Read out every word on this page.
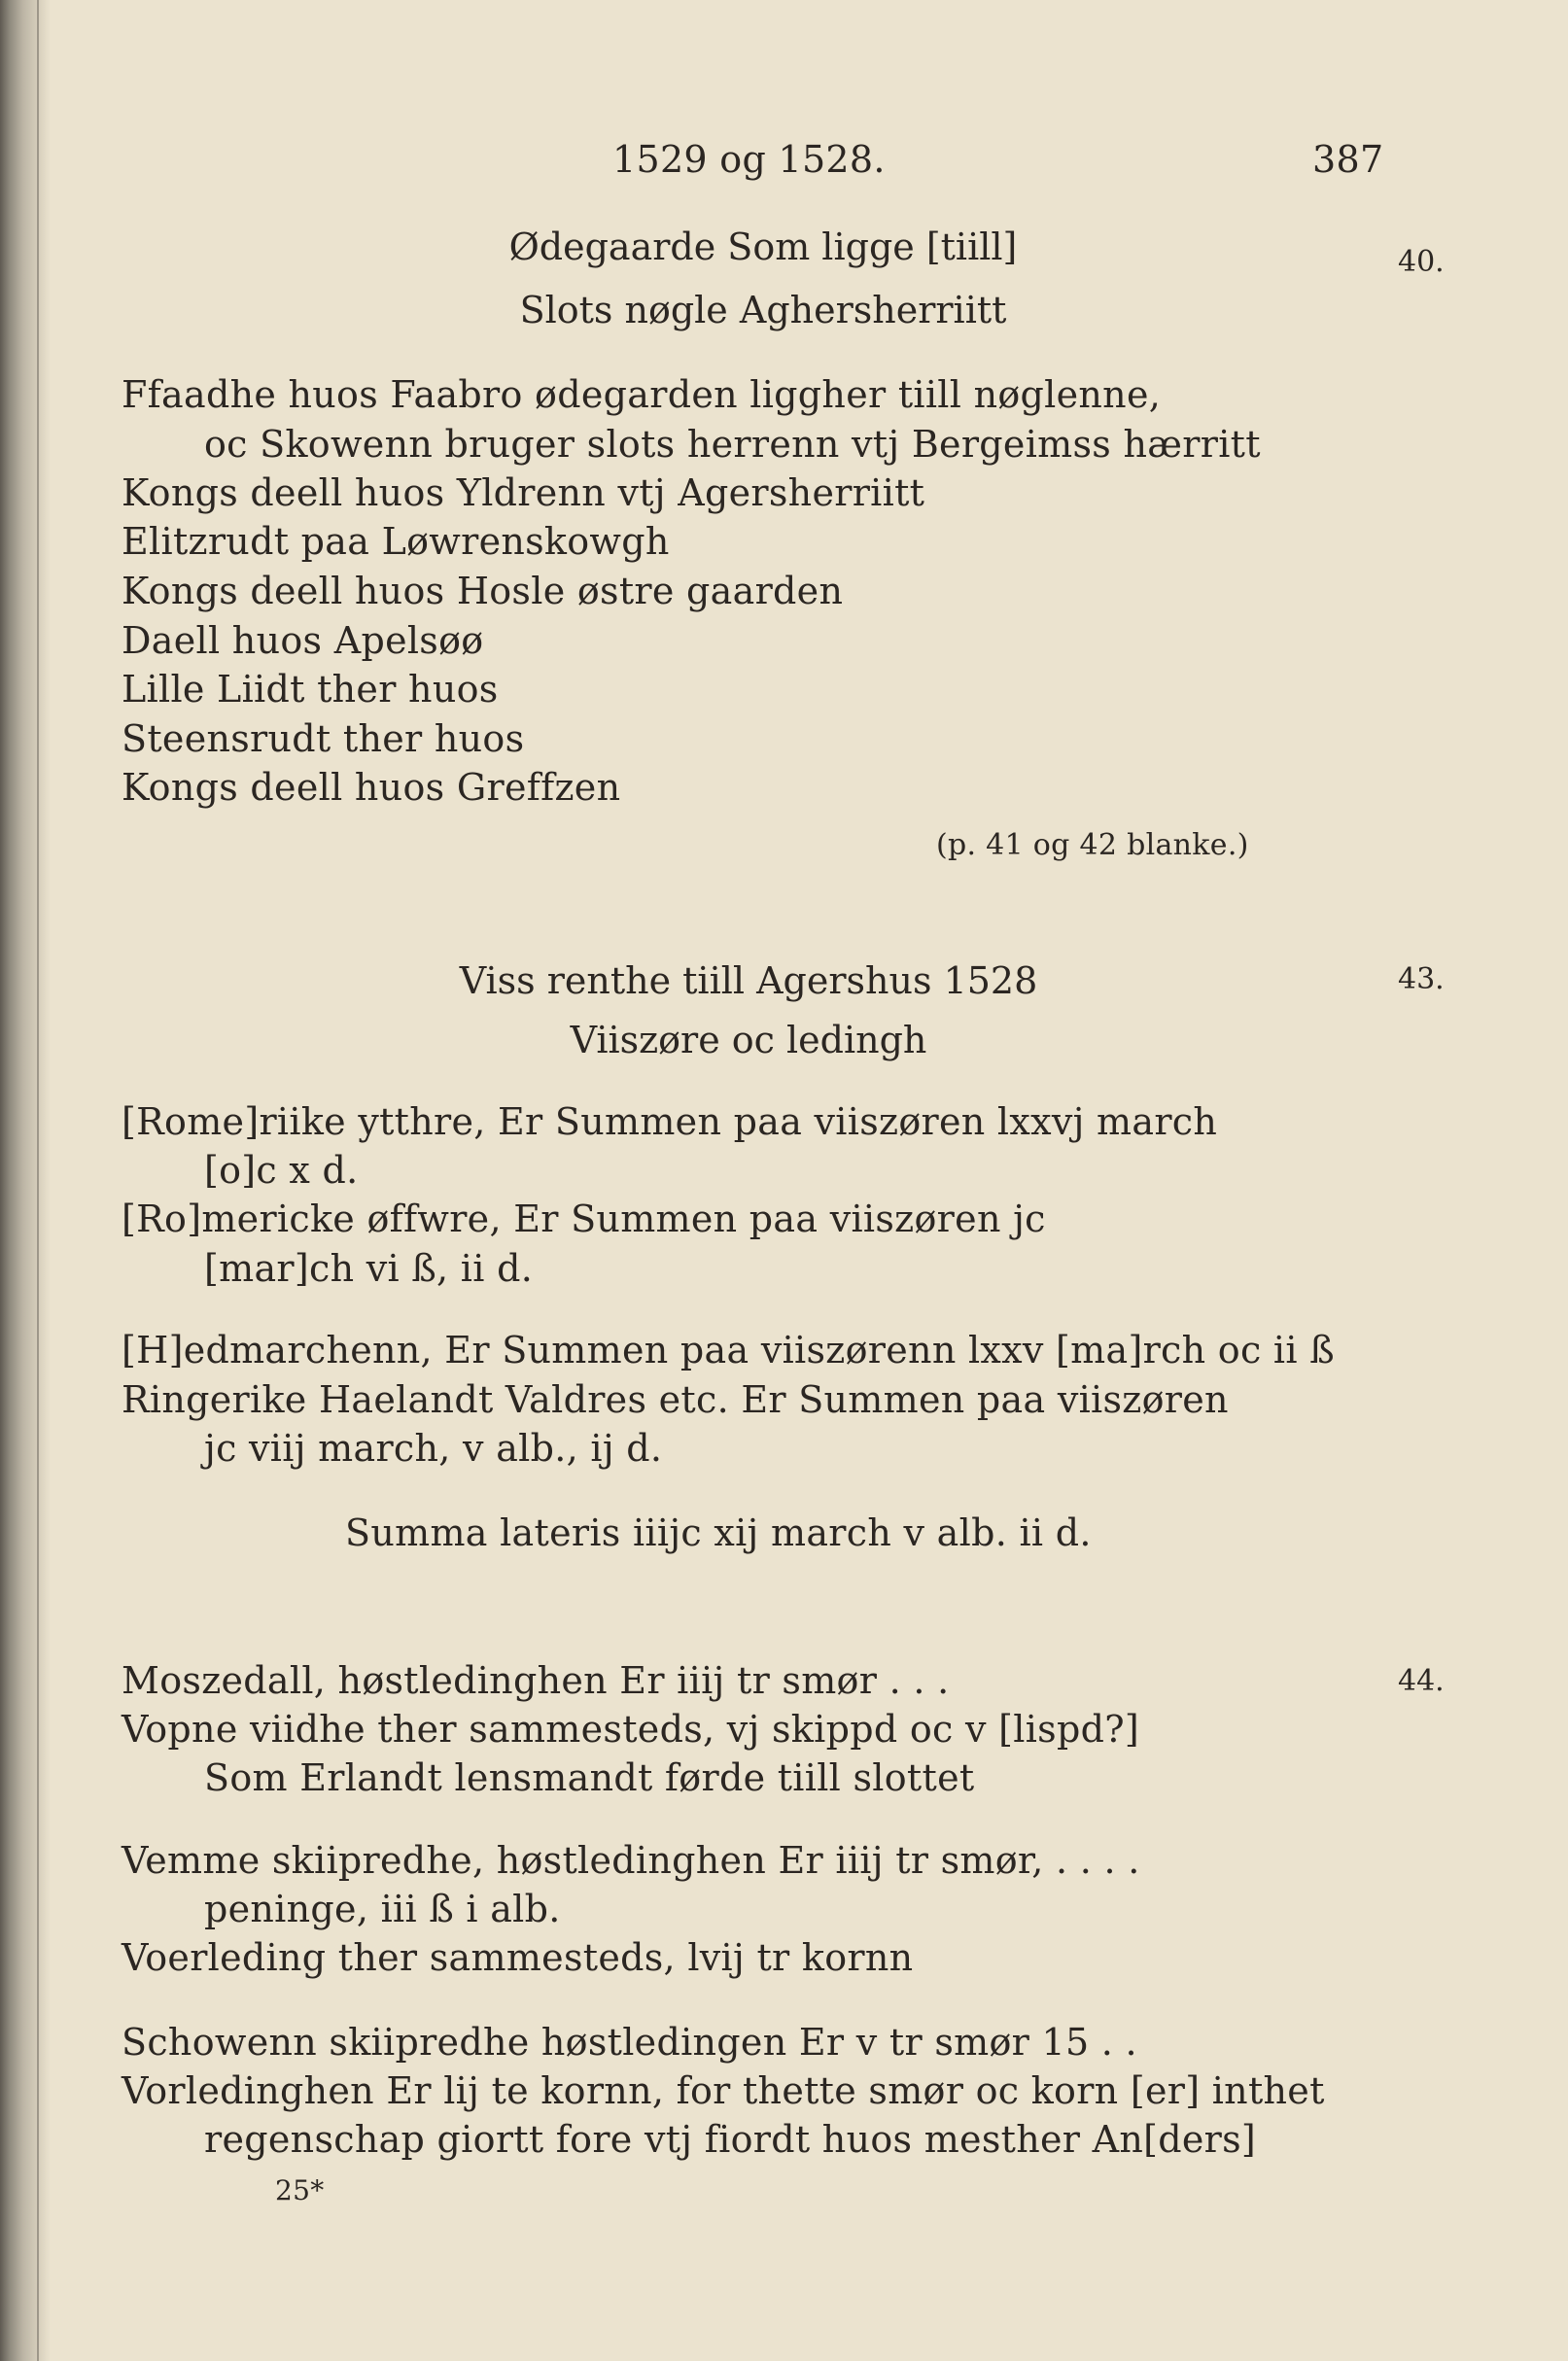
1529 og 1528.	387
40.
Ødegaarde Som ligge [tiill]
Slots nøgle Aghersherriitt
Ffaadhe huos Faabro ødegarden liggher tiill nøglenne,
oc Skowenn bruger slots herrenn vtj Bergeimss hærritt
Kongs deell huos Yldrenn vtj Agersherriitt
Elitzrudt paa Løwrenskowgh
Kongs deell huos Hosle østre gaarden
Daell huos Apelsøø
Lille Liidt ther huos
Steensrudt ther huos
Kongs deell huos Greffzen
(p. 41 og 42 blanke.)
43.
Viss renthe tiill Agershus 1528
Viiszøre oc ledingh
[Rome]riike ytthre, Er Summen paa viiszøren lxxvj march
[o]c x d.
[Ro]mericke øffwre, Er Summen paa viiszøren jc
[mar]ch vi ß, ii d.
[H]edmarchenn, Er Summen paa viiszørenn lxxv [ma]rch oc ii ß
Ringerike Haelandt Valdres etc. Er Summen paa viiszøren
jc viij march, v alb., ij d.
Summa lateris iiijc xij march v alb. ii d.
44.
Moszedall, høstledinghen Er iiij tr smør . . .
Vopne viidhe ther sammesteds, vj skippd oc v [lispd?]
Som Erlandt lensmandt førde tiill slottet
Vemme skiipredhe, høstledinghen Er iiij tr smør, . . . .
peninge, iii ß i alb.
Voerleding ther sammesteds, lvij tr kornn
Schowenn skiipredhe høstledingen Er v tr smør 15 . .
Vorledinghen Er lij te kornn, for thette smør oc korn [er] inthet
regenschap giortt fore vtj fiordt huos mesther An[ders]
25*
